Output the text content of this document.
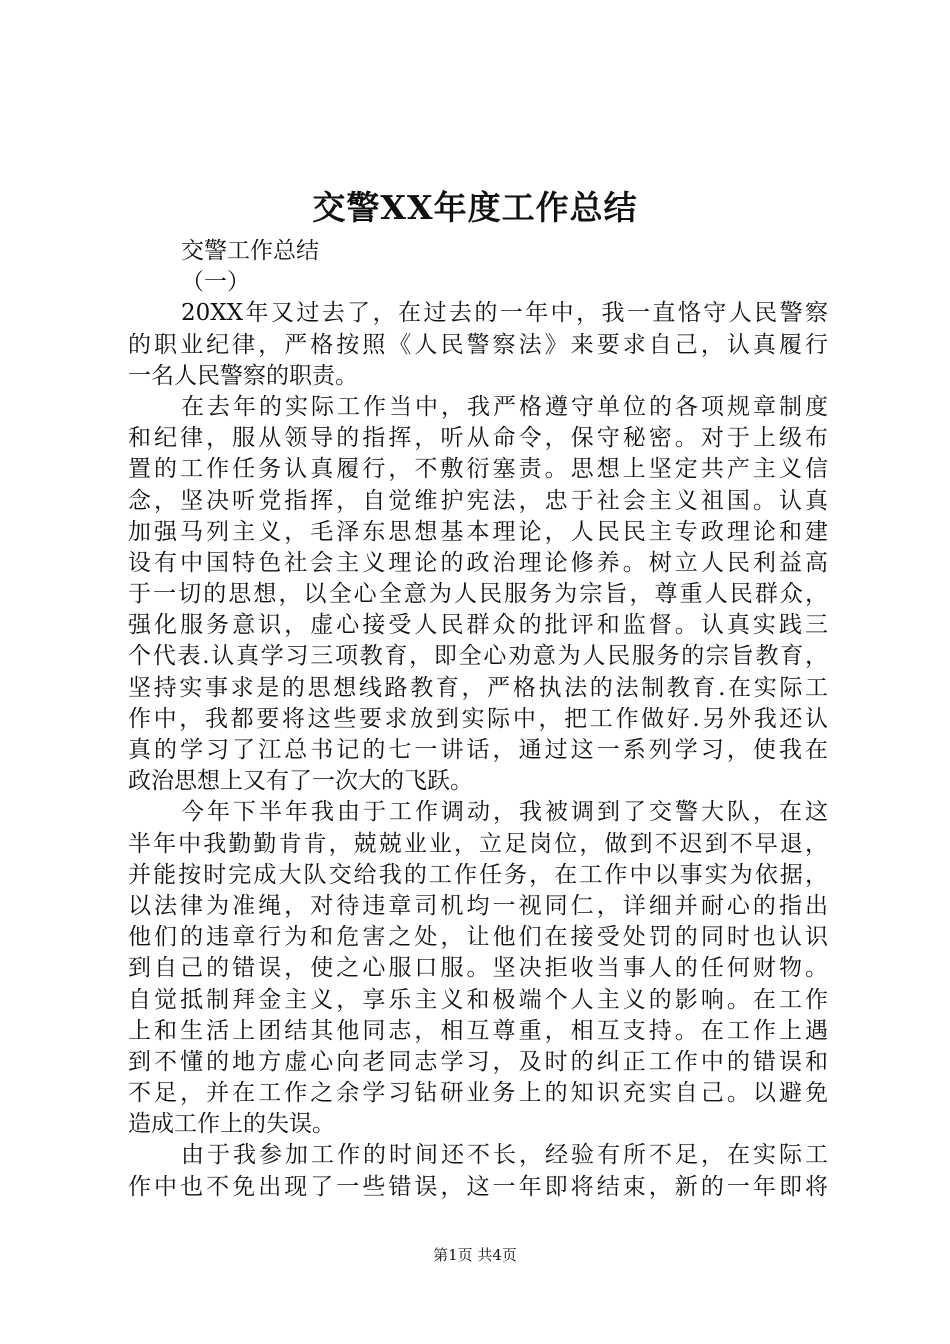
交警XX年度工作总结
交警工作总结
（一）
20XX年又过去了，在过去的一年中，我一直恪守人民警察
的职业纪律，严格按照《人民警察法》来要求自己，认真履行
一名人民警察的职责。
在去年的实际工作当中，我严格遵守单位的各项规章制度
和纪律，服从领导的指挥，听从命令，保守秘密。对于上级布
置的工作任务认真履行，不敷衍塞责。思想上坚定共产主义信
念，坚决听党指挥，自觉维护宪法，忠于社会主义祖国。认真
加强马列主义，毛泽东思想基本理论，人民民主专政理论和建
设有中国特色社会主义理论的政治理论修养。树立人民利益高
于一切的思想，以全心全意为人民服务为宗旨，尊重人民群众，
强化服务意识，虚心接受人民群众的批评和监督。认真实践三
个代表.认真学习三项教育，即全心劝意为人民服务的宗旨教育，
坚持实事求是的思想线路教育，严格执法的法制教育.在实际工
作中，我都要将这些要求放到实际中，把工作做好.另外我还认
真的学习了江总书记的七一讲话，通过这一系列学习，使我在
政治思想上又有了一次大的飞跃。
今年下半年我由于工作调动，我被调到了交警大队，在这
半年中我勤勤肯肯，兢兢业业，立足岗位，做到不迟到不早退，
并能按时完成大队交给我的工作任务，在工作中以事实为依据，
以法律为准绳，对待违章司机均一视同仁，详细并耐心的指出
他们的违章行为和危害之处，让他们在接受处罚的同时也认识
到自己的错误，使之心服口服。坚决拒收当事人的任何财物。
自觉抵制拜金主义，享乐主义和极端个人主义的影响。在工作
上和生活上团结其他同志，相互尊重，相互支持。在工作上遇
到不懂的地方虚心向老同志学习，及时的纠正工作中的错误和
不足，并在工作之余学习钻研业务上的知识充实自己。以避免
造成工作上的失误。
由于我参加工作的时间还不长，经验有所不足，在实际工
作中也不免出现了一些错误，这一年即将结束，新的一年即将
第1页 共4页
